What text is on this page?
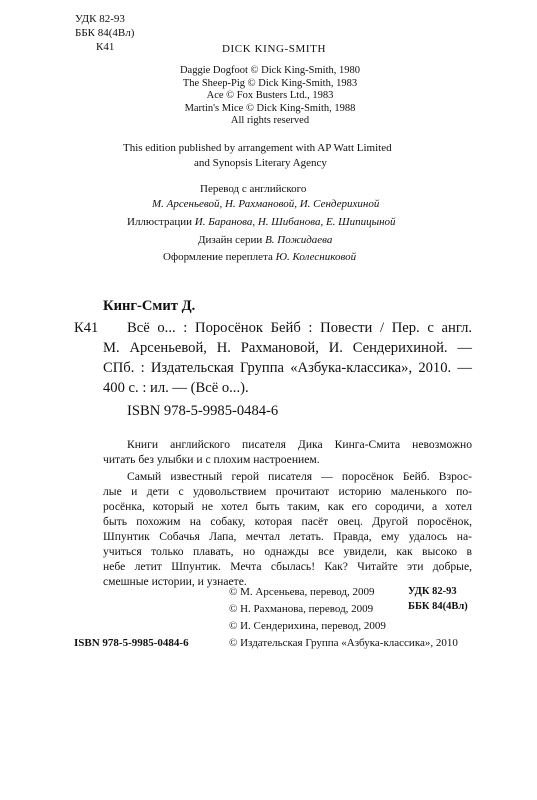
УДК 82-93
ББК 84(4Вл)
К41	DICK KING-SMITH
Daggie Dogfoot © Dick King-Smith, 1980
The Sheep-Pig © Dick King-Smith, 1983
Ace © Fox Busters Ltd., 1983
Martin's Mice © Dick King-Smith, 1988
All rights reserved
This edition published by arrangement with AP Watt Limited
and Synopsis Literary Agency
Перевод с английского
М. Арсеньевой, Н. Рахмановой, И. Сендерихиной
Иллюстрации И. Баранова, Н. Шибанова, Е. Шипицыной
Дизайн серии В. Пожидаева
Оформление переплета Ю. Колесниковой
Кинг-Смит Д.
К41 Всё о... : Поросёнок Бейб : Повести / Пер. с англ.
М. Арсеньевой, Н. Рахмановой, И. Сендерихиной. —
СПб. : Издательская Группа «Азбука-классика», 2010. —
400 с. : ил. — (Всё о...).
ISBN 978-5-9985-0484-6
Книги английского писателя Дика Кинга-Смита невозможно
читать без улыбки и с плохим настроением.
Самый известный герой писателя — поросёнок Бейб. Взрос-
лые и дети с удовольствием прочитают историю маленького по-
росёнка, который не хотел быть таким, как его сородичи, а хотел
быть похожим на собаку, которая пасёт овец. Другой поросёнок,
Шпунтик Собачья Лапа, мечтал летать. Правда, ему удалось на-
учиться только плавать, но однажды все увидели, как высоко в
небе летит Шпунтик. Мечта сбылась! Как? Читайте эти добрые,
смешные истории, и узнаете.
УДК 82-93
ББК 84(4Вл)
© М. Арсеньева, перевод, 2009
© Н. Рахманова, перевод, 2009
© И. Сендерихина, перевод, 2009
© Издательская Группа «Азбука-классика», 2010
ISBN 978-5-9985-0484-6
